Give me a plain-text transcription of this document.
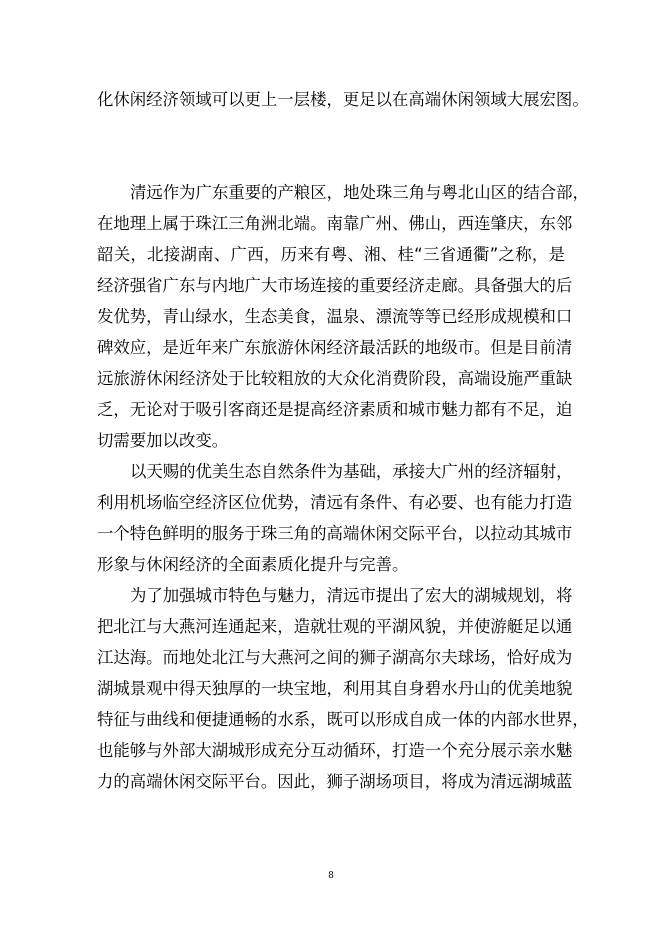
化休闲经济领域可以更上一层楼，更足以在高端休闲领域大展宏图。
清远作为广东重要的产粮区，地处珠三角与粤北山区的结合部，
在地理上属于珠江三角洲北端。南靠广州、佛山，西连肇庆，东邻
韶关，北接湖南、广西，历来有粤、湘、桂“三省通衢”之称，是
经济强省广东与内地广大市场连接的重要经济走廊。具备强大的后
发优势，青山绿水，生态美食，温泉、漂流等等已经形成规模和口
碑效应，是近年来广东旅游休闲经济最活跃的地级市。但是目前清
远旅游休闲经济处于比较粗放的大众化消费阶段，高端设施严重缺
乏，无论对于吸引客商还是提高经济素质和城市魅力都有不足，迫
切需要加以改变。
以天赐的优美生态自然条件为基础，承接大广州的经济辐射，
利用机场临空经济区位优势，清远有条件、有必要、也有能力打造
一个特色鲜明的服务于珠三角的高端休闲交际平台，以拉动其城市
形象与休闲经济的全面素质化提升与完善。
为了加强城市特色与魅力，清远市提出了宏大的湖城规划，将
把北江与大燕河连通起来，造就壮观的平湖风貌，并使游艇足以通
江达海。而地处北江与大燕河之间的狮子湖高尔夫球场，恰好成为
湖城景观中得天独厚的一块宝地，利用其自身碧水丹山的优美地貌
特征与曲线和便捷通畅的水系，既可以形成自成一体的内部水世界，
也能够与外部大湖城形成充分互动循环，打造一个充分展示亲水魅
力的高端休闲交际平台。因此，狮子湖场项目，将成为清远湖城蓝
8
